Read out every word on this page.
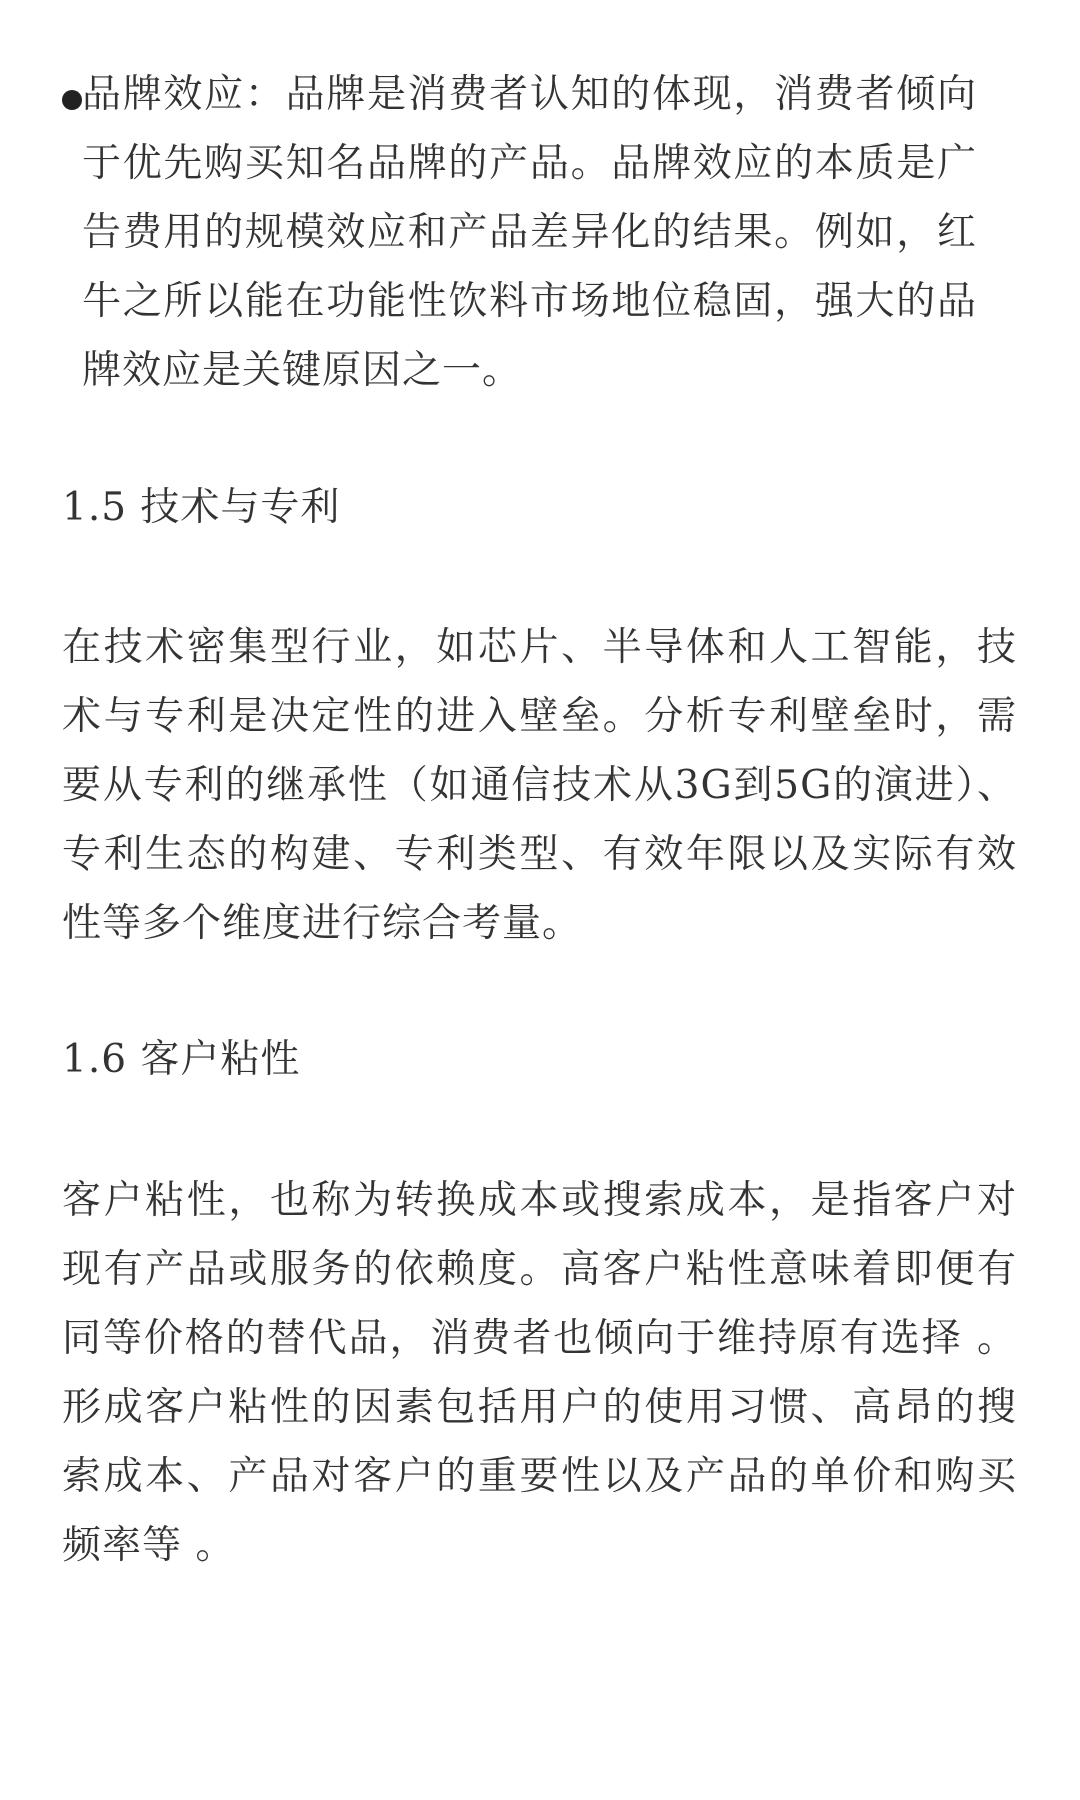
品牌效应：品牌是消费者认知的体现，消费者倾向于优先购买知名品牌的产品。品牌效应的本质是广告费用的规模效应和产品差异化的结果。例如，红牛之所以能在功能性饮料市场地位稳固，强大的品牌效应是关键原因之一。

1.5 技术与专利

在技术密集型行业，如芯片、半导体和人工智能，技术与专利是决定性的进入壁垒。分析专利壁垒时，需要从专利的继承性（如通信技术从3G到5G的演进）、专利生态的构建、专利类型、有效年限以及实际有效性等多个维度进行综合考量。

1.6 客户粘性

客户粘性，也称为转换成本或搜索成本，是指客户对现有产品或服务的依赖度。高客户粘性意味着即便有同等价格的替代品，消费者也倾向于维持原有选择 。形成客户粘性的因素包括用户的使用习惯、高昂的搜索成本、产品对客户的重要性以及产品的单价和购买频率等 。
